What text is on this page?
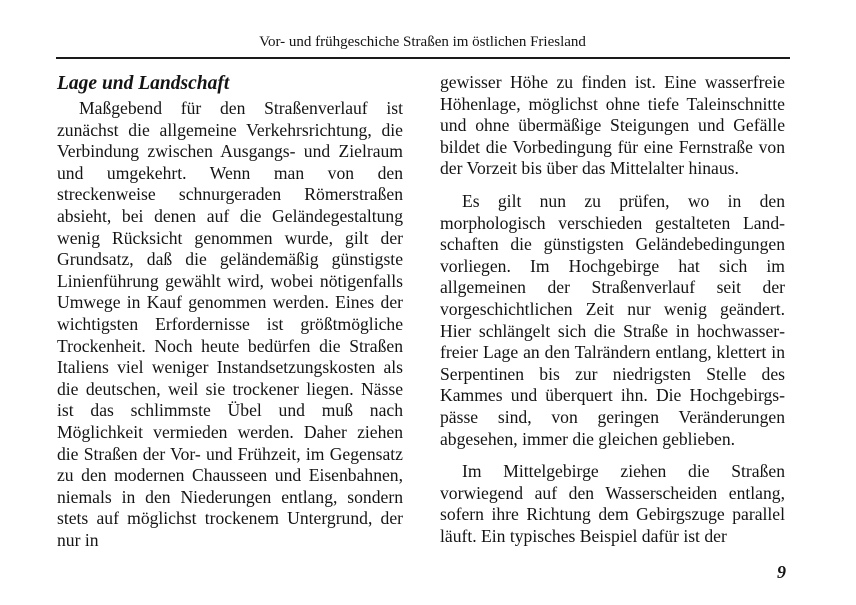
Vor- und frühgeschiche Straßen im östlichen Friesland
Lage und Landschaft

Maßgebend für den Straßenverlauf ist zunächst die allgemeine Verkehrsrichtung, die Verbindung zwischen Ausgangs- und Zielraum und umgekehrt. Wenn man von den streckenweise schnurgeraden Römerstraßen absieht, bei denen auf die Geländegestaltung wenig Rücksicht genommen wurde, gilt der Grundsatz, daß die geländemäßig günstigste Linienführung gewählt wird, wobei nötigenfalls Umwege in Kauf genommen werden. Eines der wichtigsten Erfordernisse ist größtmögliche Trockenheit. Noch heute bedürfen die Straßen Italiens viel weniger Instandsetzungskosten als die deutschen, weil sie trockener liegen. Nässe ist das schlimmste Übel und muß nach Möglichkeit vermieden werden. Daher ziehen die Straßen der Vor- und Frühzeit, im Gegensatz zu den modernen Chausseen und Eisenbahnen, niemals in den Niederungen entlang, sondern stets auf möglichst trockenem Untergrund, der nur in

gewisser Höhe zu finden ist. Eine wasserfreie Höhenlage, möglichst ohne tiefe Taleinschnitte und ohne übermäßige Steigungen und Gefälle bildet die Vorbedingung für eine Fernstraße von der Vorzeit bis über das Mittelalter hinaus.

Es gilt nun zu prüfen, wo in den morphologisch verschieden gestalteten Landschaften die günstigsten Geländebedingungen vorliegen. Im Hochgebirge hat sich im allgemeinen der Straßenverlauf seit der vorgeschichtlichen Zeit nur wenig geändert. Hier schlängelt sich die Straße in hochwasserfreier Lage an den Talrändern entlang, klettert in Serpentinen bis zur niedrigsten Stelle des Kammes und überquert ihn. Die Hochgebirgspässe sind, von geringen Veränderungen abgesehen, immer die gleichen geblieben.

Im Mittelgebirge ziehen die Straßen vorwiegend auf den Wasserscheiden entlang, sofern ihre Richtung dem Gebirgszuge parallel läuft. Ein typisches Beispiel dafür ist der

9
